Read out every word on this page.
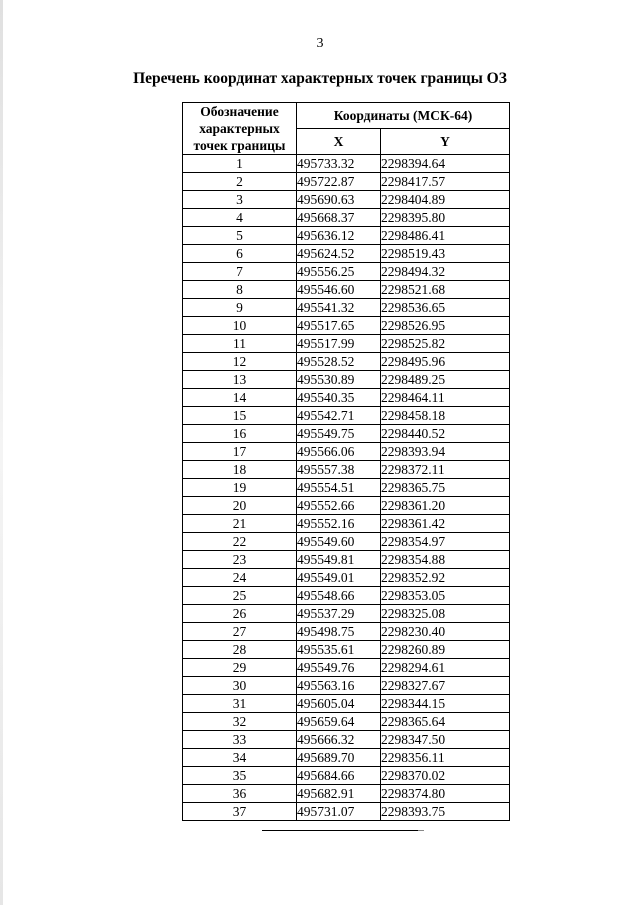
3
Перечень координат характерных точек границы ОЗ
Обозначение характерных точек границы	Координаты (МСК-64)	
	X	Y
1	495733.32	2298394.64
2	495722.87	2298417.57
3	495690.63	2298404.89
4	495668.37	2298395.80
5	495636.12	2298486.41
6	495624.52	2298519.43
7	495556.25	2298494.32
8	495546.60	2298521.68
9	495541.32	2298536.65
10	495517.65	2298526.95
11	495517.99	2298525.82
12	495528.52	2298495.96
13	495530.89	2298489.25
14	495540.35	2298464.11
15	495542.71	2298458.18
16	495549.75	2298440.52
17	495566.06	2298393.94
18	495557.38	2298372.11
19	495554.51	2298365.75
20	495552.66	2298361.20
21	495552.16	2298361.42
22	495549.60	2298354.97
23	495549.81	2298354.88
24	495549.01	2298352.92
25	495548.66	2298353.05
26	495537.29	2298325.08
27	495498.75	2298230.40
28	495535.61	2298260.89
29	495549.76	2298294.61
30	495563.16	2298327.67
31	495605.04	2298344.15
32	495659.64	2298365.64
33	495666.32	2298347.50
34	495689.70	2298356.11
35	495684.66	2298370.02
36	495682.91	2298374.80
37	495731.07	2298393.75
